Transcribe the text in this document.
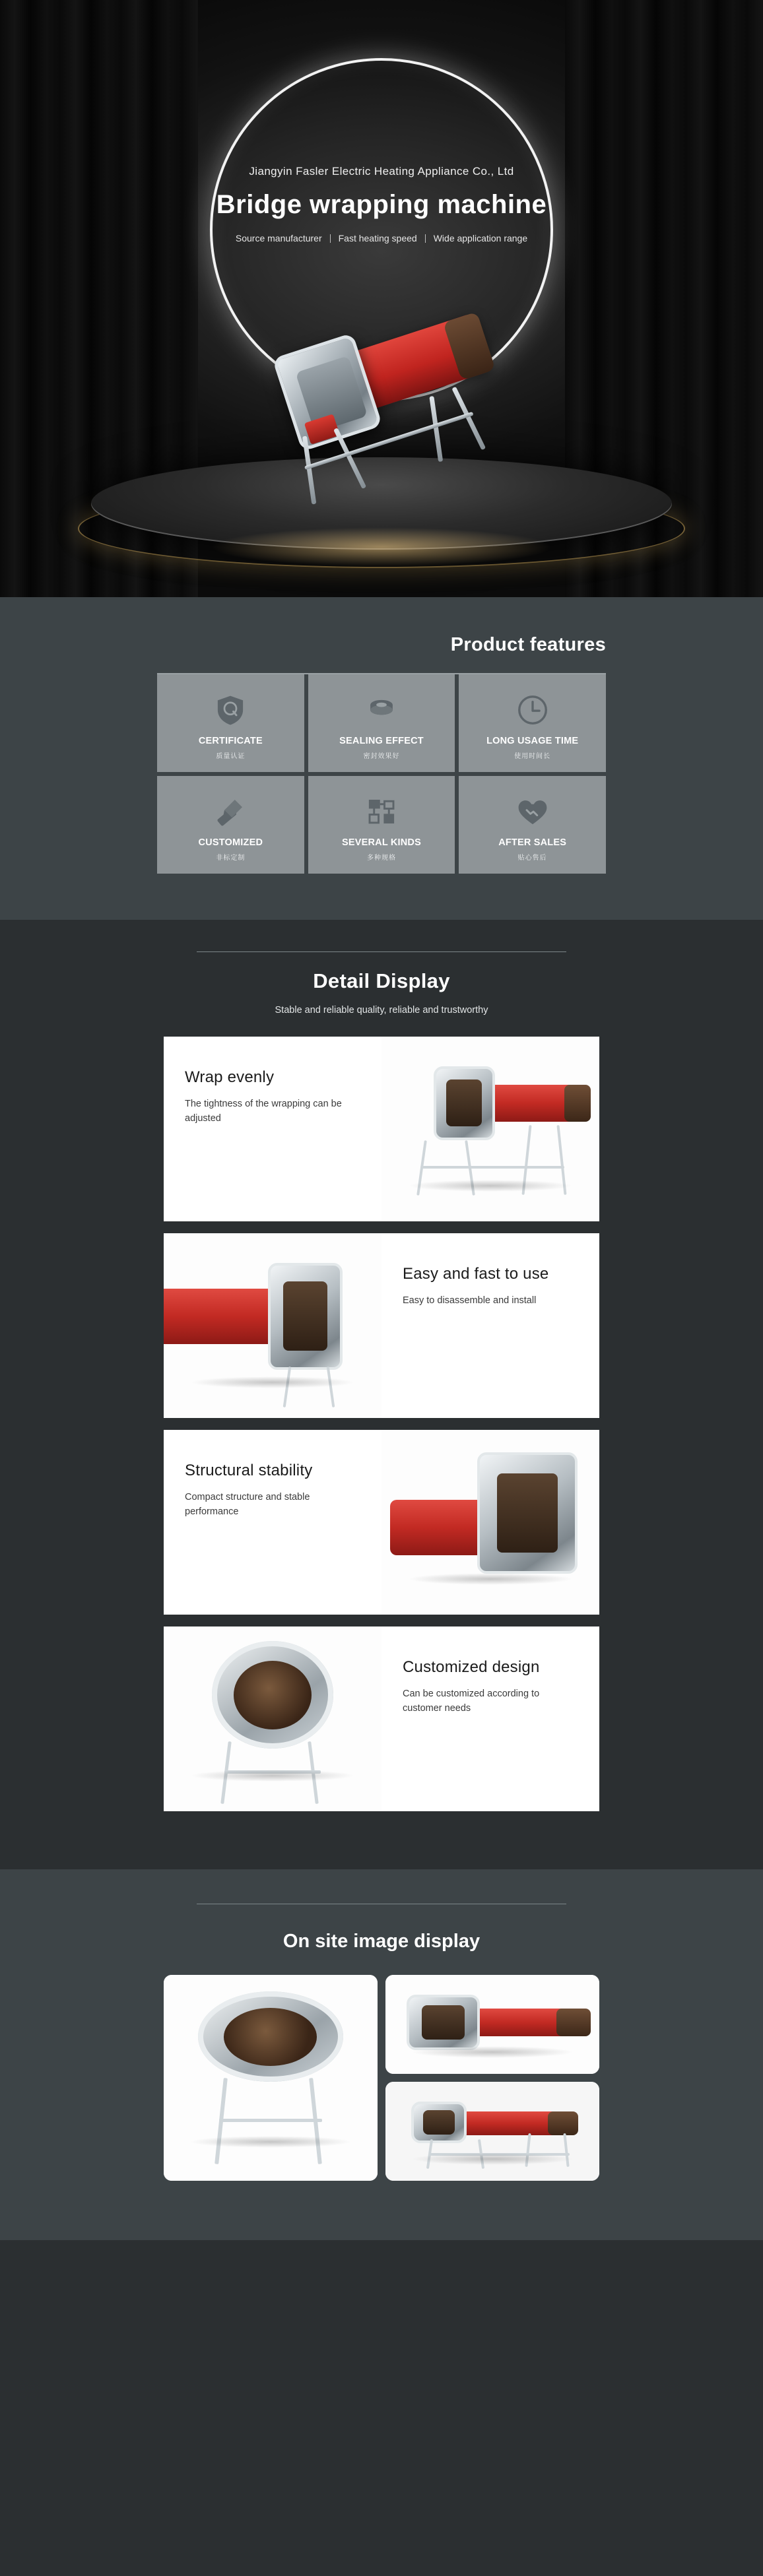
Jiangyin Fasler Electric Heating Appliance Co., Ltd
Bridge wrapping machine
Source manufacturer Fast heating speed Wide application range
Product features
CERTIFICATE
质量认证
SEALING EFFECT
密封效果好
LONG USAGE TIME
使用时间长
CUSTOMIZED
非标定制
SEVERAL KINDS
多种规格
AFTER SALES
贴心售后
Detail Display
Stable and reliable quality, reliable and trustworthy
Wrap evenly

The tightness of the wrapping can be adjusted

Easy and fast to use

Easy to disassemble and install

Structural stability

Compact structure and stable performance

Customized design

Can be customized according to customer needs

On site image display
